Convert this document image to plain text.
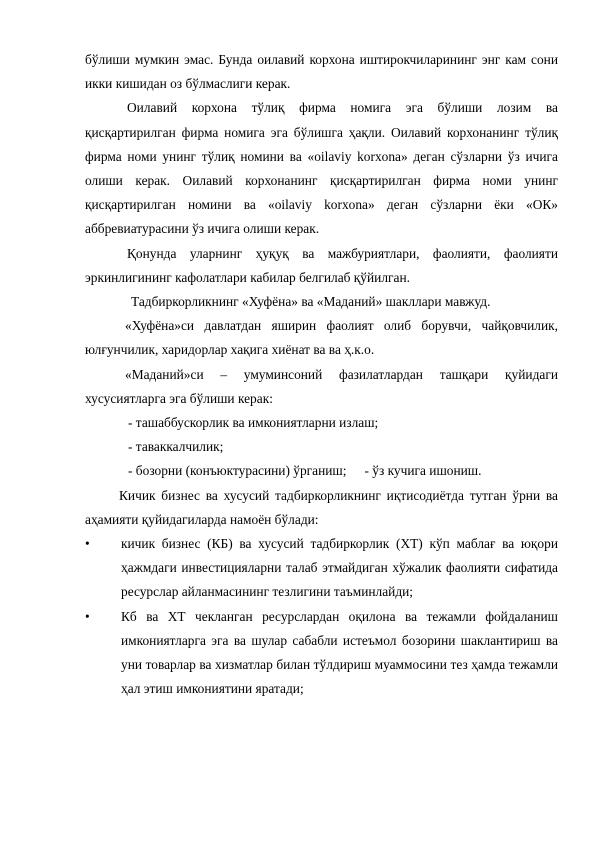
бўлиши мумкин эмас. Бунда оилавий корхона иштирокчиларининг энг кам сони икки кишидан оз бўлмаслиги керак.

Оилавий корхона тўлиқ фирма номига эга бўлиши лозим ва қисқартирилган фирма номига эга бўлишга ҳақли. Оилавий корхонанинг тўлиқ фирма номи унинг тўлиқ номини ва «oilaviy korxona» деган сўзларни ўз ичига олиши керак. Оилавий корхонанинг қисқартирилган фирма номи унинг қисқартирилган номини ва «oilaviy korxona» деган сўзларни ёки «ОК» аббревиатурасини ўз ичига олиши керак.

Қонунда уларнинг ҳуқуқ ва мажбуриятлари, фаолияти, фаолияти эркинлигининг кафолатлари кабилар белгилаб қўйилган.

Тадбиркорликнинг «Хуфёна» ва «Маданий» шакллари мавжуд.

«Хуфёна»си давлатдан яширин фаолият олиб борувчи, чайқовчилик, юлғунчилик, харидорлар хақига хиёнат ва ва ҳ.к.о.

«Маданий»си – умуминсоний фазилатлардан ташқари қуйидаги хусусиятларга эга бўлиши керак:

- ташаббускорлик ва имкониятларни излаш;

- таваккалчилик;

- бозорни (конъюктурасини) ўрганиш; - ўз кучига ишониш.

Кичик бизнес ва хусусий тадбиркорликнинг иқтисодиётда тутган ўрни ва аҳамияти қуйидагиларда намоён бўлади:

• кичик бизнес (КБ) ва хусусий тадбиркорлик (ХТ) кўп маблағ ва юқори ҳажмдаги инвестицияларни талаб этмайдиган хўжалик фаолияти сифатида ресурслар айланмасининг тезлигини таъминлайди;
• Кб ва ХТ чекланган ресурслардан оқилона ва тежамли фойдаланиш имкониятларга эга ва шулар сабабли истеъмол бозорини шаклантириш ва уни товарлар ва хизматлар билан тўлдириш муаммосини тез ҳамда тежамли ҳал этиш имкониятини яратади;
